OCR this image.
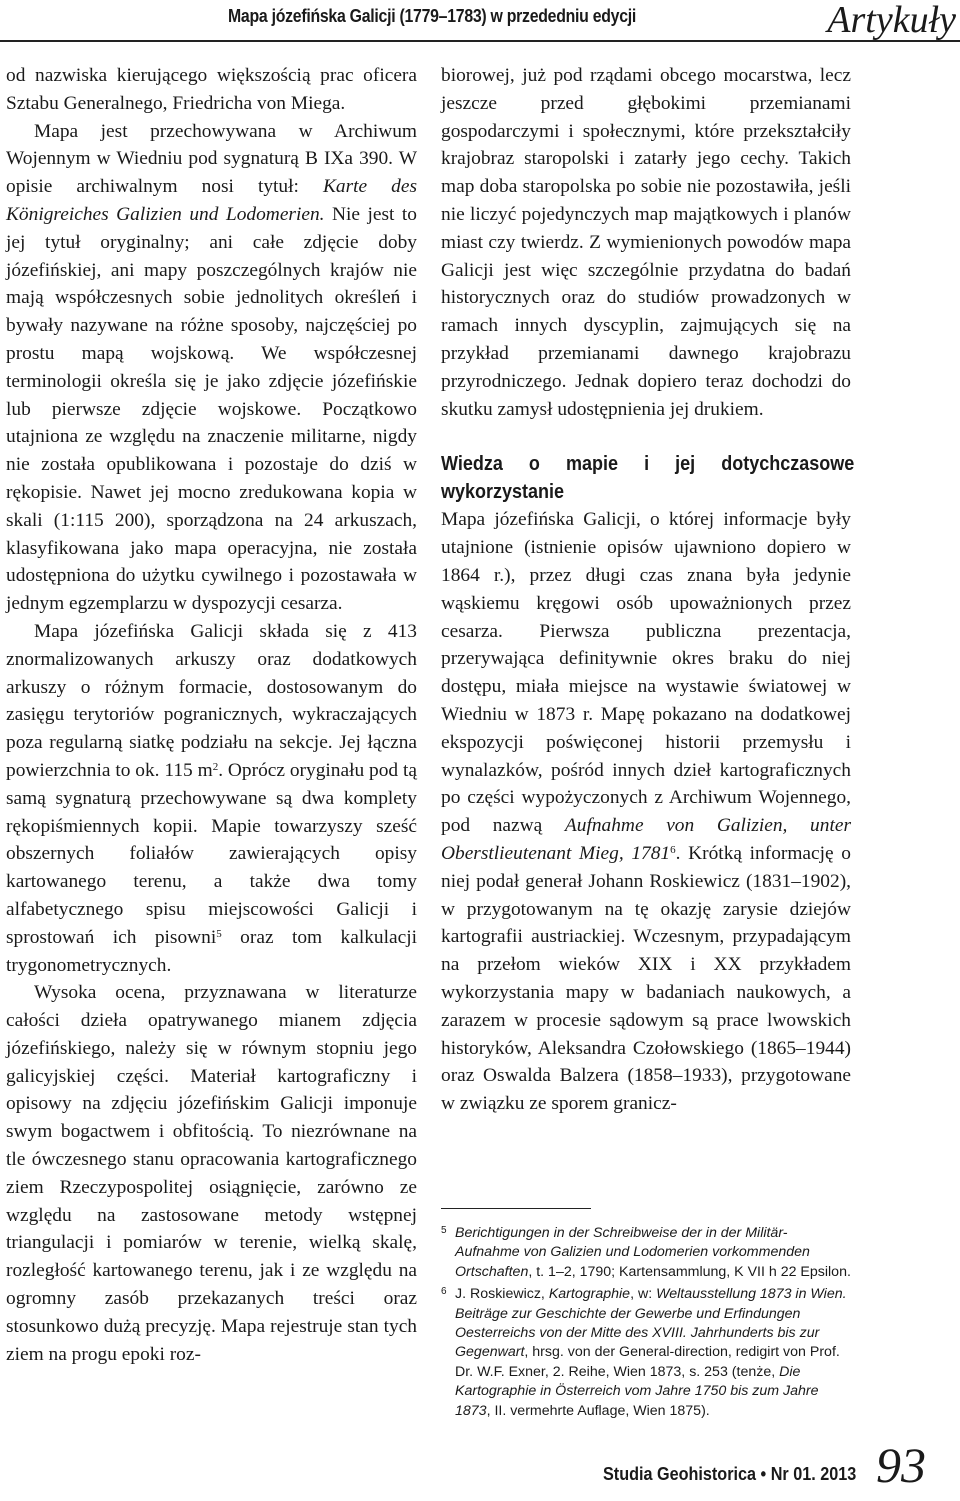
Mapa józefińska Galicji (1779–1783) w przededniu edycji	Artykuły

od nazwiska kierującego większością prac oficera Sztabu Generalnego, Friedricha von Miega.

Mapa jest przechowywana w Archiwum Wojennym w Wiedniu pod sygnaturą B IXa 390. W opisie archiwalnym nosi tytuł: Karte des Königreiches Galizien und Lodomerien. Nie jest to jej tytuł oryginalny; ani całe zdjęcie doby józefińskiej, ani mapy poszczególnych krajów nie mają współczesnych sobie jednolitych określeń i bywały nazywane na różne sposoby, najczęściej po prostu mapą wojskową. We współczesnej terminologii określa się je jako zdjęcie józefińskie lub pierwsze zdjęcie wojskowe. Początkowo utajniona ze względu na znaczenie militarne, nigdy nie została opublikowana i pozostaje do dziś w rękopisie. Nawet jej mocno zredukowana kopia w skali (1:115 200), sporządzona na 24 arkuszach, klasyfikowana jako mapa operacyjna, nie została udostępniona do użytku cywilnego i pozostawała w jednym egzemplarzu w dyspozycji cesarza.

Mapa józefińska Galicji składa się z 413 znormalizowanych arkuszy oraz dodatkowych arkuszy o różnym formacie, dostosowanym do zasięgu terytoriów pogranicznych, wykraczających poza regularną siatkę podziału na sekcje. Jej łączna powierzchnia to ok. 115 $m^2$. Oprócz oryginału pod tą samą sygnaturą przechowywane są dwa komplety rękopiśmiennych kopii. Mapie towarzyszy sześć obszernych foliałów zawierających opisy kartowanego terenu, a także dwa tomy alfabetycznego spisu miejscowości Galicji i sprostowań ich pisowni$^5$ oraz tom kalkulacji trygonometrycznych.

Wysoka ocena, przyznawana w literaturze całości dzieła opatrywanego mianem zdjęcia józefińskiego, należy się w równym stopniu jego galicyjskiej części. Materiał kartograficzny i opisowy na zdjęciu józefińskim Galicji imponuje swym bogactwem i obfitością. To niezrównane na tle ówczesnego stanu opracowania kartograficznego ziem Rzeczypospolitej osiągnięcie, zarówno ze względu na zastosowane metody wstępnej triangulacji i pomiarów w terenie, wielką skalę, rozległość kartowanego terenu, jak i ze względu na ogromny zasób przekazanych treści oraz stosunkowo dużą precyzję. Mapa rejestruje stan tych ziem na progu epoki roz-

biorowej, już pod rządami obcego mocarstwa, lecz jeszcze przed głębokimi przemianami gospodarczymi i społecznymi, które przekształciły krajobraz staropolski i zatarły jego cechy. Takich map doba staropolska po sobie nie pozostawiła, jeśli nie liczyć pojedynczych map majątkowych i planów miast czy twierdz. Z wymienionych powodów mapa Galicji jest więc szczególnie przydatna do badań historycznych oraz do studiów prowadzonych w ramach innych dyscyplin, zajmujących się na przykład przemianami dawnego krajobrazu przyrodniczego. Jednak dopiero teraz dochodzi do skutku zamysł udostępnienia jej drukiem.

Wiedza o mapie i jej dotychczasowe wykorzystanie

Mapa józefińska Galicji, o której informacje były utajnione (istnienie opisów ujawniono dopiero w 1864 r.), przez długi czas znana była jedynie wąskiemu kręgowi osób upoważnionych przez cesarza. Pierwsza publiczna prezentacja, przerywająca definitywnie okres braku do niej dostępu, miała miejsce na wystawie światowej w Wiedniu w 1873 r. Mapę pokazano na dodatkowej ekspozycji poświęconej historii przemysłu i wynalazków, pośród innych dzieł kartograficznych po części wypożyczonych z Archiwum Wojennego, pod nazwą Aufnahme von Galizien, unter Oberstlieutenant Mieg, 1781$^6$. Krótką informację o niej podał generał Johann Roskiewicz (1831–1902), w przygotowanym na tę okazję zarysie dziejów kartografii austriackiej. Wczesnym, przypadającym na przełom wieków XIX i XX przykładem wykorzystania mapy w badaniach naukowych, a zarazem w procesie sądowym są prace lwowskich historyków, Aleksandra Czołowskiego (1865–1944) oraz Oswalda Balzera (1858–1933), przygotowane w związku ze sporem granicz-

5 Berichtigungen in der Schreibweise der in der Militär-Aufnahme von Galizien und Lodomerien vorkommenden Ortschaften, t. 1–2, 1790; Kartensammlung, K VII h 22 Epsilon.
6 J. Roskiewicz, Kartographie, w: Weltausstellung 1873 in Wien. Beiträge zur Geschichte der Gewerbe und Erfindungen Oesterreichs von der Mitte des XVIII. Jahrhunderts bis zur Gegenwart, hrsg. von der General-direction, redigirt von Prof. Dr. W.F. Exner, 2. Reihe, Wien 1873, s. 253 (tenże, Die Kartographie in Österreich vom Jahre 1750 bis zum Jahre 1873, II. vermehrte Auflage, Wien 1875).
Studia Geohistorica • Nr 01. 2013 93
